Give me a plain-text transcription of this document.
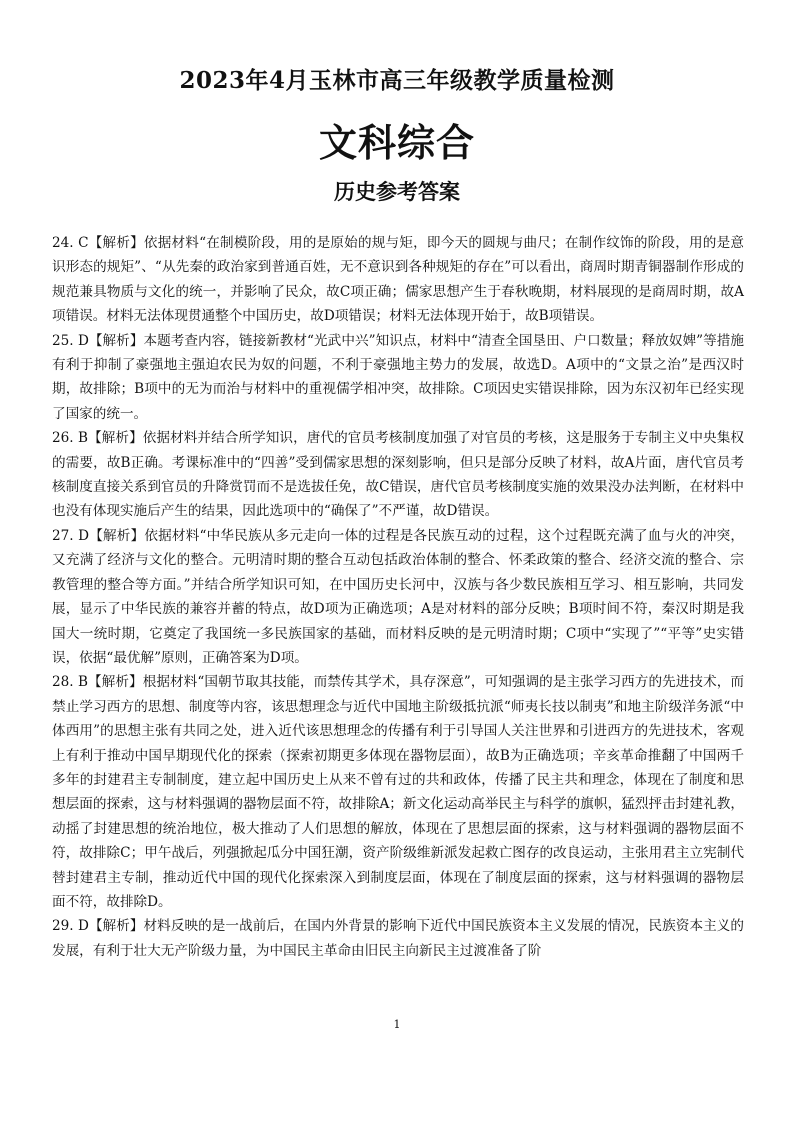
2023年4月玉林市高三年级教学质量检测
文科综合
历史参考答案
24. C【解析】依据材料“在制模阶段，用的是原始的规与矩，即今天的圆规与曲尺；在制作纹饰的阶段，用的是意识形态的规矩”、“从先秦的政治家到普通百姓，无不意识到各种规矩的存在”可以看出，商周时期青铜器制作形成的规范兼具物质与文化的统一，并影响了民众，故C项正确；儒家思想产生于春秋晚期，材料展现的是商周时期，故A项错误。材料无法体现贯通整个中国历史，故D项错误；材料无法体现开始于，故B项错误。
25. D【解析】本题考查内容，链接新教材“光武中兴”知识点，材料中“清查全国垦田、户口数量；释放奴婢”等措施有利于抑制了豪强地主强迫农民为奴的问题，不利于豪强地主势力的发展，故选D。A项中的“文景之治”是西汉时期，故排除；B项中的无为而治与材料中的重视儒学相冲突，故排除。C项因史实错误排除，因为东汉初年已经实现了国家的统一。
26. B【解析】依据材料并结合所学知识，唐代的官员考核制度加强了对官员的考核，这是服务于专制主义中央集权的需要，故B正确。考课标准中的“四善”受到儒家思想的深刻影响，但只是部分反映了材料，故A片面，唐代官员考核制度直接关系到官员的升降赏罚而不是选拔任免，故C错误，唐代官员考核制度实施的效果没办法判断，在材料中也没有体现实施后产生的结果，因此选项中的“确保了”不严谨，故D错误。
27. D【解析】依据材料“中华民族从多元走向一体的过程是各民族互动的过程，这个过程既充满了血与火的冲突，又充满了经济与文化的整合。元明清时期的整合互动包括政治体制的整合、怀柔政策的整合、经济交流的整合、宗教管理的整合等方面。”并结合所学知识可知，在中国历史长河中，汉族与各少数民族相互学习、相互影响，共同发展，显示了中华民族的兼容并蓄的特点，故D项为正确选项；A是对材料的部分反映；B项时间不符，秦汉时期是我国大一统时期，它奠定了我国统一多民族国家的基础，而材料反映的是元明清时期；C项中“实现了”“平等”史实错误，依据“最优解”原则，正确答案为D项。
28. B【解析】根据材料“国朝节取其技能，而禁传其学术，具存深意”，可知强调的是主张学习西方的先进技术，而禁止学习西方的思想、制度等内容，该思想理念与近代中国地主阶级抵抗派“师夷长技以制夷”和地主阶级洋务派“中体西用”的思想主张有共同之处，进入近代该思想理念的传播有利于引导国人关注世界和引进西方的先进技术，客观上有利于推动中国早期现代化的探索（探索初期更多体现在器物层面），故B为正确选项；辛亥革命推翻了中国两千多年的封建君主专制制度，建立起中国历史上从来不曾有过的共和政体，传播了民主共和理念，体现在了制度和思想层面的探索，这与材料强调的器物层面不符，故排除A；新文化运动高举民主与科学的旗帜，猛烈抨击封建礼教，动摇了封建思想的统治地位，极大推动了人们思想的解放，体现在了思想层面的探索，这与材料强调的器物层面不符，故排除C；甲午战后，列强掀起瓜分中国狂潮，资产阶级维新派发起救亡图存的改良运动，主张用君主立宪制代替封建君主专制，推动近代中国的现代化探索深入到制度层面，体现在了制度层面的探索，这与材料强调的器物层面不符，故排除D。
29. D【解析】材料反映的是一战前后，在国内外背景的影响下近代中国民族资本主义发展的情况，民族资本主义的发展，有利于壮大无产阶级力量，为中国民主革命由旧民主向新民主过渡准备了阶
1
